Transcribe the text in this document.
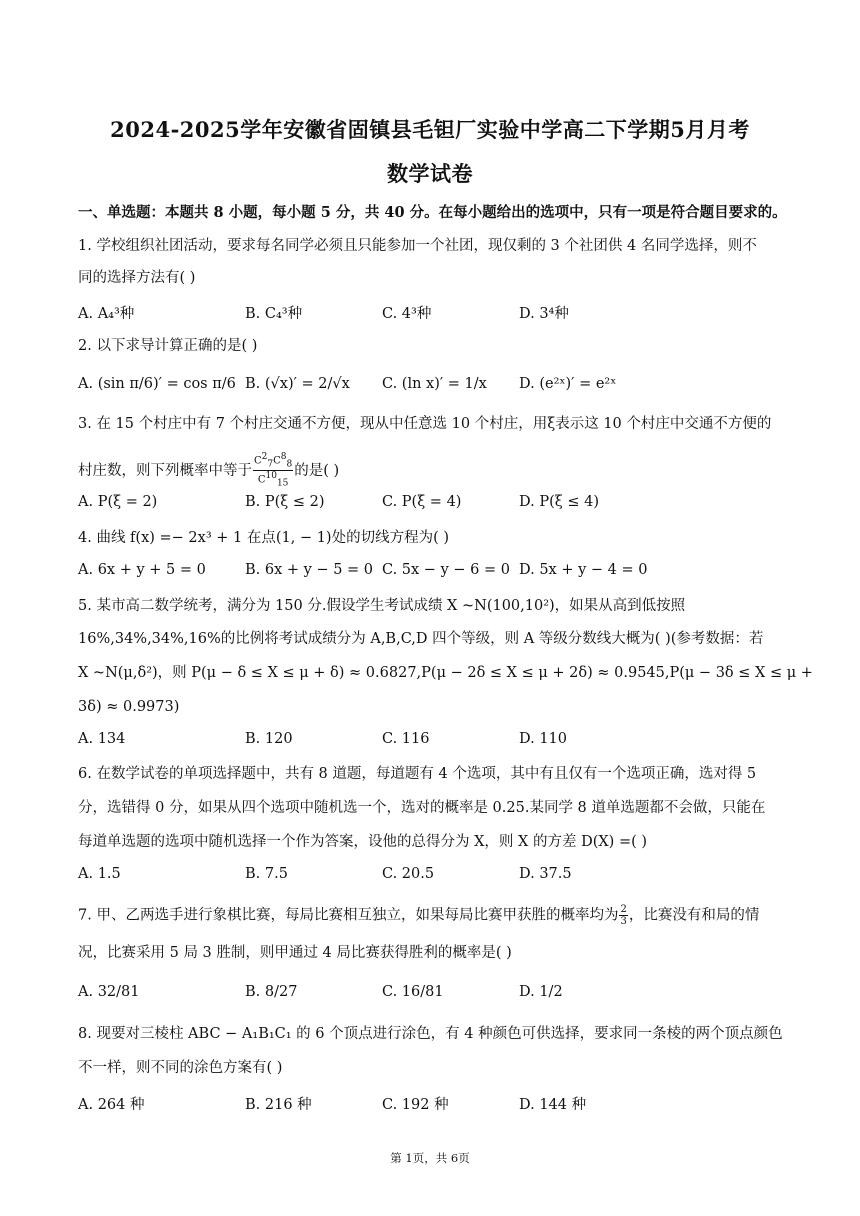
2024-2025学年安徽省固镇县毛钽厂实验中学高二下学期5月月考
数学试卷
一、单选题：本题共 8 小题，每小题 5 分，共 40 分。在每小题给出的选项中，只有一项是符合题目要求的。
1. 学校组织社团活动，要求每名同学必须且只能参加一个社团，现仅剩的 3 个社团供 4 名同学选择，则不
同的选择方法有( )
A. A₄³种	B. C₄³种	C. 4³种	D. 3⁴种
2. 以下求导计算正确的是( )
A. (sin π/6)′ = cos π/6 B. (√x)′ = 2/√x C. (ln x)′ = 1/x D. (e²ˣ)′ = e²ˣ
3. 在 15 个村庄中有 7 个村庄交通不方便，现从中任意选 10 个村庄，用ξ表示这 10 个村庄中交通不方便的
村庄数，则下列概率中等于 $\frac{C^2_7C^8_8}{C^{10}_{15}}$ 的是( )
A. P(ξ = 2)	B. P(ξ ≤ 2)	C. P(ξ = 4)	D. P(ξ ≤ 4)
4. 曲线 f(x) =− 2x³ + 1 在点(1, − 1)处的切线方程为( )
A. 6x + y + 5 = 0	B. 6x + y − 5 = 0 C. 5x − y − 6 = 0 D. 5x + y − 4 = 0
5. 某市高二数学统考，满分为 150 分.假设学生考试成绩 X ~N(100,10²)，如果从高到低按照
16%,34%,34%,16%的比例将考试成绩分为 A,B,C,D 四个等级，则 A 等级分数线大概为( )(参考数据：若
X ~N(μ,δ²)，则 P(μ − δ ≤ X ≤ μ + δ) ≈ 0.6827,P(μ − 2δ ≤ X ≤ μ + 2δ) ≈ 0.9545,P(μ − 3δ ≤ X ≤ μ +
3δ) ≈ 0.9973)
A. 134	B. 120	C. 116	D. 110
6. 在数学试卷的单项选择题中，共有 8 道题，每道题有 4 个选项，其中有且仅有一个选项正确，选对得 5
分，选错得 0 分，如果从四个选项中随机选一个，选对的概率是 0.25.某同学 8 道单选题都不会做，只能在
每道单选题的选项中随机选择一个作为答案，设他的总得分为 X，则 X 的方差 D(X) =( )
A. 1.5	B. 7.5	C. 20.5	D. 37.5
7. 甲、乙两选手进行象棋比赛，每局比赛相互独立，如果每局比赛甲获胜的概率均为 $\frac{2}{3}$ ，比赛没有和局的情
况，比赛采用 5 局 3 胜制，则甲通过 4 局比赛获得胜利的概率是( )
A. 32/81	B. 8/27	C. 16/81	D. 1/2
8. 现要对三棱柱 ABC − A₁B₁C₁ 的 6 个顶点进行涂色，有 4 种颜色可供选择，要求同一条棱的两个顶点颜色
不一样，则不同的涂色方案有( )
A. 264 种	B. 216 种	C. 192 种	D. 144 种
第 1页，共 6页
